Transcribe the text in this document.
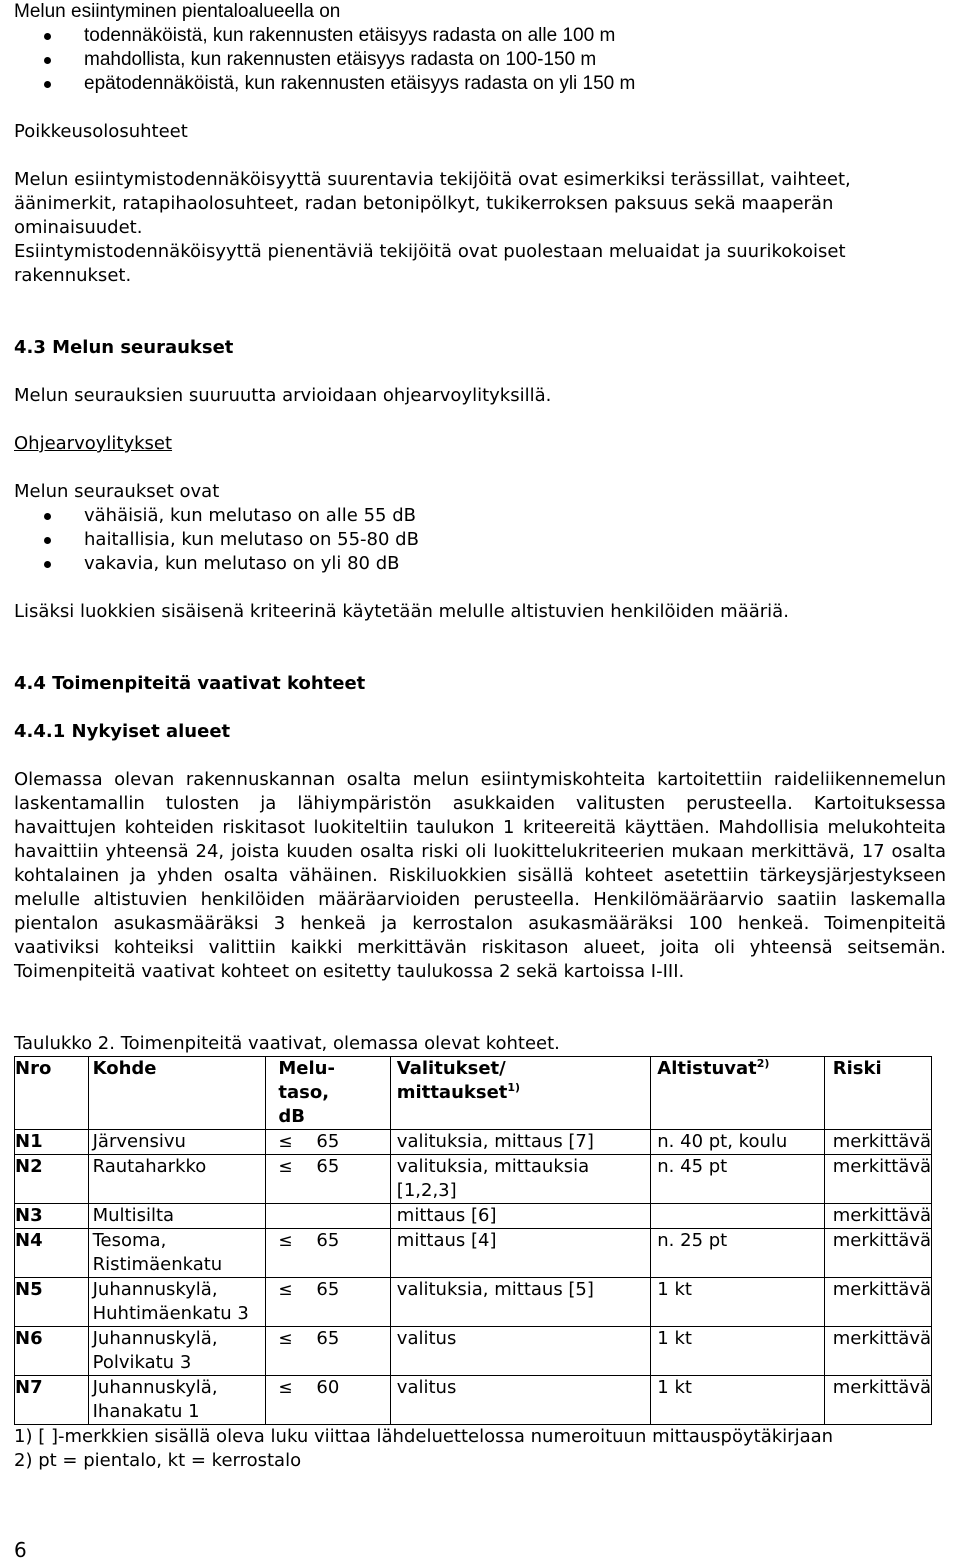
Melun esiintyminen pientaloalueella on

todennäköistä, kun rakennusten etäisyys radasta on alle 100 m
mahdollista, kun rakennusten etäisyys radasta on 100-150 m
epätodennäköistä, kun rakennusten etäisyys radasta on yli 150 m

Poikkeusolosuhteet

Melun esiintymistodennäköisyyttä suurentavia tekijöitä ovat esimerkiksi terässillat, vaihteet, äänimerkit, ratapihaolosuhteet, radan betonipölkyt, tukikerroksen paksuus sekä maaperän ominaisuudet.

Esiintymistodennäköisyyttä pienentäviä tekijöitä ovat puolestaan meluaidat ja suurikokoiset rakennukset.

4.3 Melun seuraukset

Melun seurauksien suuruutta arvioidaan ohjearvoylityksillä.

Ohjearvoylitykset

Melun seuraukset ovat

vähäisiä, kun melutaso on alle 55 dB
haitallisia, kun melutaso on 55-80 dB
vakavia, kun melutaso on yli 80 dB

Lisäksi luokkien sisäisenä kriteerinä käytetään melulle altistuvien henkilöiden määriä.

4.4 Toimenpiteitä vaativat kohteet

4.4.1 Nykyiset alueet

Olemassa olevan rakennuskannan osalta melun esiintymiskohteita kartoitettiin raideliikennemelun laskentamallin tulosten ja lähiympäristön asukkaiden valitusten perusteella. Kartoituksessa havaittujen kohteiden riskitasot luokiteltiin taulukon 1 kriteereitä käyttäen. Mahdollisia melukohteita havaittiin yhteensä 24, joista kuuden osalta riski oli luokittelukriteerien mukaan merkittävä, 17 osalta kohtalainen ja yhden osalta vähäinen. Riskiluokkien sisällä kohteet asetettiin tärkeysjärjestykseen melulle altistuvien henkilöiden määräarvioiden perusteella. Henkilömääräarvio saatiin laskemalla pientalon asukasmääräksi 3 henkeä ja kerrostalon asukasmääräksi 100 henkeä. Toimenpiteitä vaativiksi kohteiksi valittiin kaikki merkittävän riskitason alueet, joita oli yhteensä seitsemän. Toimenpiteitä vaativat kohteet on esitetty taulukossa 2 sekä kartoissa I-III.

Taulukko 2. Toimenpiteitä vaativat, olemassa olevat kohteet.

Nro	Kohde	Melu-
taso,
dB	Valitukset/
mittaukset$^{1)}$	Altistuvat$^{2)}$	Riski
N1	Järvensivu	≤ 65	valituksia, mittaus [7]	n. 40 pt, koulu	merkittävä
N2	Rautaharkko	≤ 65	valituksia, mittauksia [1,2,3]	n. 45 pt	merkittävä
N3	Multisilta		mittaus [6]		merkittävä
N4	Tesoma, Ristimäenkatu	≤ 65	mittaus [4]	n. 25 pt	merkittävä
N5	Juhannuskylä, Huhtimäenkatu 3	≤ 65	valituksia, mittaus [5]	1 kt	merkittävä
N6	Juhannuskylä, Polvikatu 3	≤ 65	valitus	1 kt	merkittävä
N7	Juhannuskylä, Ihanakatu 1	≤ 60	valitus	1 kt	merkittävä

1) [ ]-merkkien sisällä oleva luku viittaa lähdeluettelossa numeroituun mittauspöytäkirjaan

2) pt = pientalo, kt = kerrostalo

6
